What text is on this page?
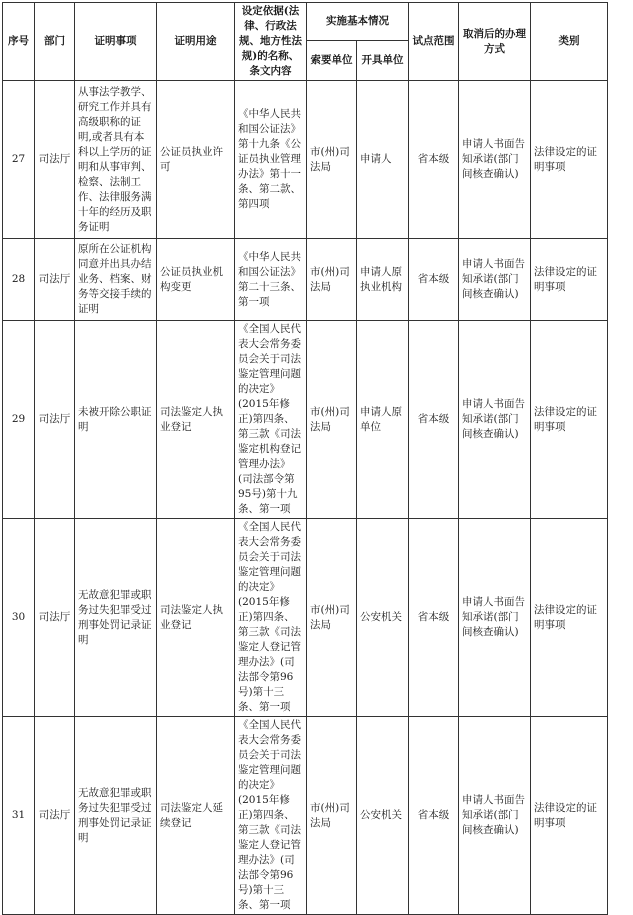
序号	部门	证明事项	证明用途	设定依据(法律、行政法规、地方性法规)的名称、条文内容	实施基本情况		试点范围	取消后的办理方式	类别
					索要单位	开具单位			
27	司法厅	从事法学教学、研究工作并具有高级职称的证明,或者具有本科以上学历的证明和从事审判、检察、法制工作、法律服务满十年的经历及职务证明	公证员执业许可	《中华人民共和国公证法》第十九条《公证员执业管理办法》第十一条、第二款、第四项	市(州)司法局	申请人	省本级	申请人书面告知承诺(部门间核查确认)	法律设定的证明事项
28	司法厅	原所在公证机构同意并出具办结业务、档案、财务等交接手续的证明	公证员执业机构变更	《中华人民共和国公证法》第二十三条、第一项	市(州)司法局	申请人原执业机构	省本级	申请人书面告知承诺(部门间核查确认)	法律设定的证明事项
29	司法厅	未被开除公职证明	司法鉴定人执业登记	《全国人民代表大会常务委员会关于司法鉴定管理问题的决定》(2015年修正)第四条、第三款《司法鉴定机构登记管理办法》(司法部令第95号)第十九条、第一项	市(州)司法局	申请人原单位	省本级	申请人书面告知承诺(部门间核查确认)	法律设定的证明事项
30	司法厅	无故意犯罪或职务过失犯罪受过刑事处罚记录证明	司法鉴定人执业登记	《全国人民代表大会常务委员会关于司法鉴定管理问题的决定》(2015年修正)第四条、第三款《司法鉴定人登记管理办法》(司法部令第96号)第十三条、第一项	市(州)司法局	公安机关	省本级	申请人书面告知承诺(部门间核查确认)	法律设定的证明事项
31	司法厅	无故意犯罪或职务过失犯罪受过刑事处罚记录证明	司法鉴定人延续登记	《全国人民代表大会常务委员会关于司法鉴定管理问题的决定》(2015年修正)第四条、第三款《司法鉴定人登记管理办法》(司法部令第96号)第十三条、第一项	市(州)司法局	公安机关	省本级	申请人书面告知承诺(部门间核查确认)	法律设定的证明事项
